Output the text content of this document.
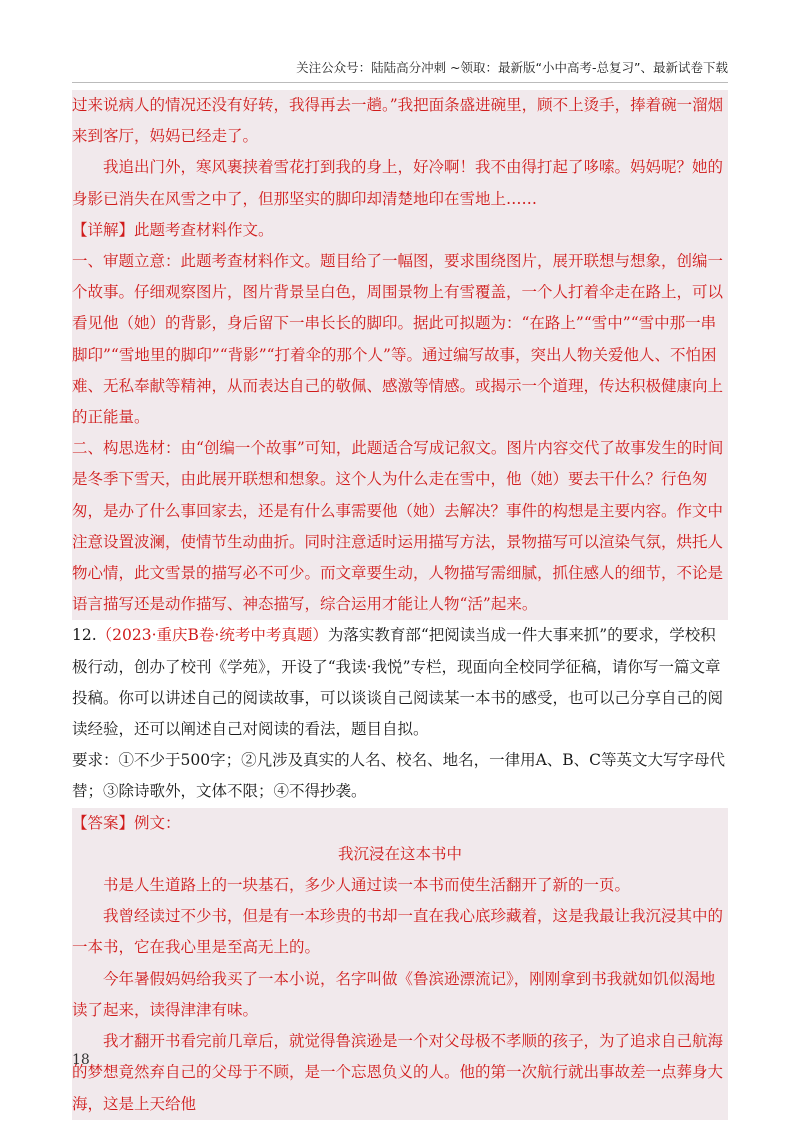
关注公众号：陆陆高分冲刺 ~领取：最新版“小中高考-总复习”、最新试卷下载

过来说病人的情况还没有好转，我得再去一趟。”我把面条盛进碗里，顾不上烫手，捧着碗一溜烟来到客厅，妈妈已经走了。

我追出门外，寒风裹挟着雪花打到我的身上，好冷啊！我不由得打起了哆嗦。妈妈呢？她的身影已消失在风雪之中了，但那坚实的脚印却清楚地印在雪地上……

【详解】此题考查材料作文。

一、审题立意：此题考查材料作文。题目给了一幅图，要求围绕图片，展开联想与想象，创编一个故事。仔细观察图片，图片背景呈白色，周围景物上有雪覆盖，一个人打着伞走在路上，可以看见他（她）的背影，身后留下一串长长的脚印。据此可拟题为：“在路上”“雪中”“雪中那一串脚印”“雪地里的脚印”“背影”“打着伞的那个人”等。通过编写故事，突出人物关爱他人、不怕困难、无私奉献等精神，从而表达自己的敬佩、感激等情感。或揭示一个道理，传达积极健康向上的正能量。

二、构思选材：由“创编一个故事”可知，此题适合写成记叙文。图片内容交代了故事发生的时间是冬季下雪天，由此展开联想和想象。这个人为什么走在雪中，他（她）要去干什么？行色匆匆，是办了什么事回家去，还是有什么事需要他（她）去解决？事件的构想是主要内容。作文中注意设置波澜，使情节生动曲折。同时注意适时运用描写方法，景物描写可以渲染气氛，烘托人物心情，此文雪景的描写必不可少。而文章要生动，人物描写需细腻，抓住感人的细节，不论是语言描写还是动作描写、神态描写，综合运用才能让人物“活”起来。

12.（2023·重庆B卷·统考中考真题）为落实教育部“把阅读当成一件大事来抓”的要求，学校积极行动，创办了校刊《学苑》，开设了“我读·我悦”专栏，现面向全校同学征稿，请你写一篇文章投稿。你可以讲述自己的阅读故事，可以谈谈自己阅读某一本书的感受，也可以己分享自己的阅读经验，还可以阐述自己对阅读的看法，题目自拟。

要求：①不少于500字；②凡涉及真实的人名、校名、地名，一律用A、B、C等英文大写字母代替；③除诗歌外，文体不限；④不得抄袭。

【答案】例文：

我沉浸在这本书中

书是人生道路上的一块基石，多少人通过读一本书而使生活翻开了新的一页。

我曾经读过不少书，但是有一本珍贵的书却一直在我心底珍藏着，这是我最让我沉浸其中的一本书，它在我心里是至高无上的。

今年暑假妈妈给我买了一本小说，名字叫做《鲁滨逊漂流记》，刚刚拿到书我就如饥似渴地读了起来，读得津津有味。

我才翻开书看完前几章后，就觉得鲁滨逊是一个对父母极不孝顺的孩子，为了追求自己航海的梦想竟然弃自己的父母于不顾，是一个忘恩负义的人。他的第一次航行就出事故差一点葬身大海，这是上天给他

18
